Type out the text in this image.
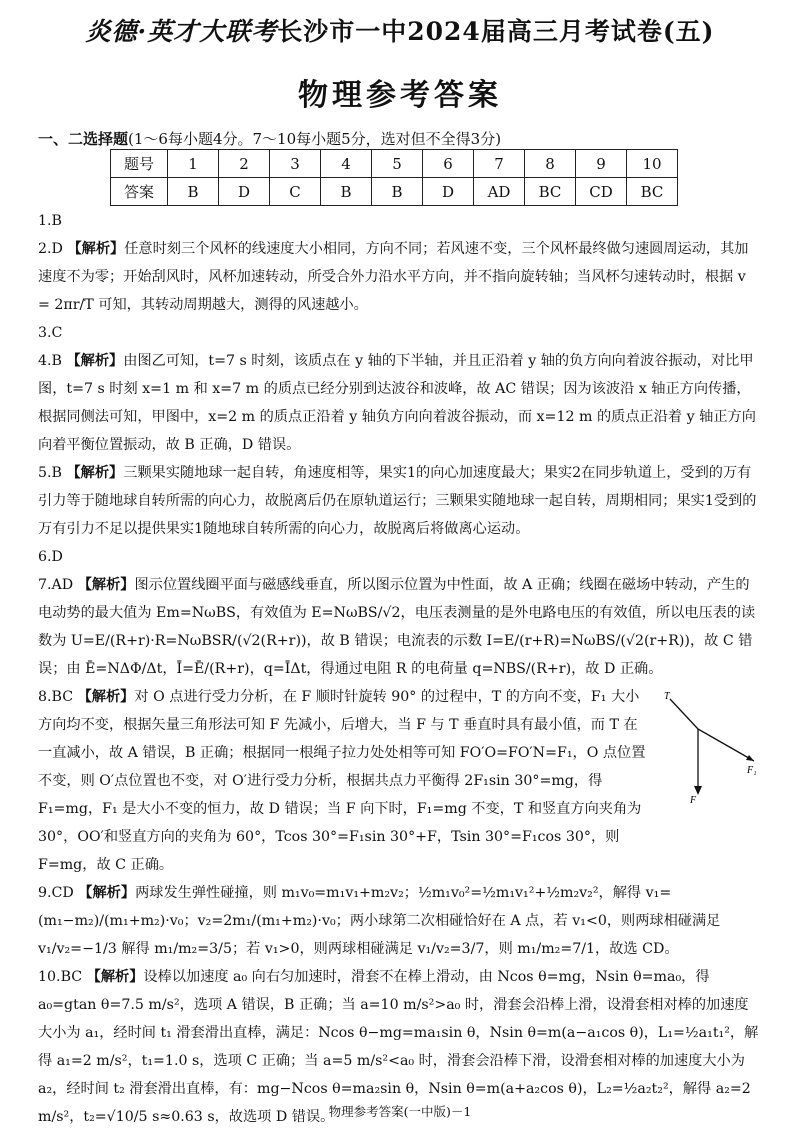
炎德·英才大联考长沙市一中2024届高三月考试卷(五)
物理参考答案
一、二选择题(1～6每小题4分。7～10每小题5分，选对但不全得3分)
题号	1	2	3	4	5	6	7	8	9	10
答案	B	D	C	B	B	D	AD	BC	CD	BC

1.B

2.D 【解析】任意时刻三个风杯的线速度大小相同，方向不同；若风速不变，三个风杯最终做匀速圆周运动，其加速度不为零；开始刮风时，风杯加速转动，所受合外力沿水平方向，并不指向旋转轴；当风杯匀速转动时，根据 v = 2πr/T 可知，其转动周期越大，测得的风速越小。

3.C

4.B 【解析】由图乙可知，t=7 s 时刻，该质点在 y 轴的下半轴，并且正沿着 y 轴的负方向向着波谷振动，对比甲图，t=7 s 时刻 x=1 m 和 x=7 m 的质点已经分别到达波谷和波峰，故 AC 错误；因为该波沿 x 轴正方向传播，根据同侧法可知，甲图中，x=2 m 的质点正沿着 y 轴负方向向着波谷振动，而 x=12 m 的质点正沿着 y 轴正方向向着平衡位置振动，故 B 正确，D 错误。

5.B 【解析】三颗果实随地球一起自转，角速度相等，果实1的向心加速度最大；果实2在同步轨道上，受到的万有引力等于随地球自转所需的向心力，故脱离后仍在原轨道运行；三颗果实随地球一起自转，周期相同；果实1受到的万有引力不足以提供果实1随地球自转所需的向心力，故脱离后将做离心运动。

6.D

7.AD 【解析】图示位置线圈平面与磁感线垂直，所以图示位置为中性面，故 A 正确；线圈在磁场中转动，产生的电动势的最大值为 Em=NωBS，有效值为 E=NωBS/√2，电压表测量的是外电路电压的有效值，所以电压表的读数为 U=E/(R+r)·R=NωBSR/(√2(R+r))，故 B 错误；电流表的示数 I=E/(r+R)=NωBS/(√2(r+R))，故 C 错误；由 Ē=NΔΦ/Δt，Ī=Ē/(R+r)，q=ĪΔt，得通过电阻 R 的电荷量 q=NBS/(R+r)，故 D 正确。

8.BC 【解析】对 O 点进行受力分析，在 F 顺时针旋转 90° 的过程中，T 的方向不变，F₁ 大小方向均不变，根据矢量三角形法可知 F 先减小，后增大，当 F 与 T 垂直时具有最小值，而 T 在一直减小，故 A 错误，B 正确；根据同一根绳子拉力处处相等可知 FO′O=FO′N=F₁，O 点位置不变，则 O′点位置也不变，对 O′进行受力分析，根据共点力平衡得 2F₁sin 30°=mg，得 F₁=mg，F₁ 是大小不变的恒力，故 D 错误；当 F 向下时，F₁=mg 不变，T 和竖直方向夹角为 30°，OO′和竖直方向的夹角为 60°，Tcos 30°=F₁sin 30°+F，Tsin 30°=F₁cos 30°，则 F=mg，故 C 正确。
T
F
F₁

9.CD 【解析】两球发生弹性碰撞，则 m₁v₀=m₁v₁+m₂v₂；½m₁v₀²=½m₁v₁²+½m₂v₂²，解得 v₁=(m₁−m₂)/(m₁+m₂)·v₀；v₂=2m₁/(m₁+m₂)·v₀；两小球第二次相碰恰好在 A 点，若 v₁<0，则两球相碰满足 v₁/v₂=−1/3 解得 m₁/m₂=3/5；若 v₁>0，则两球相碰满足 v₁/v₂=3/7，则 m₁/m₂=7/1，故选 CD。

10.BC 【解析】设棒以加速度 a₀ 向右匀加速时，滑套不在棒上滑动，由 Ncos θ=mg，Nsin θ=ma₀，得 a₀=gtan θ=7.5 m/s²，选项 A 错误，B 正确；当 a=10 m/s²>a₀ 时，滑套会沿棒上滑，设滑套相对棒的加速度大小为 a₁，经时间 t₁ 滑套滑出直棒，满足：Ncos θ−mg=ma₁sin θ，Nsin θ=m(a−a₁cos θ)，L₁=½a₁t₁²，解得 a₁=2 m/s²，t₁=1.0 s，选项 C 正确；当 a=5 m/s²<a₀ 时，滑套会沿棒下滑，设滑套相对棒的加速度大小为 a₂，经时间 t₂ 滑套滑出直棒，有：mg−Ncos θ=ma₂sin θ，Nsin θ=m(a+a₂cos θ)，L₂=½a₂t₂²，解得 a₂=2 m/s²，t₂=√10/5 s≈0.63 s，故选项 D 错误。

物理参考答案(一中版)－1
